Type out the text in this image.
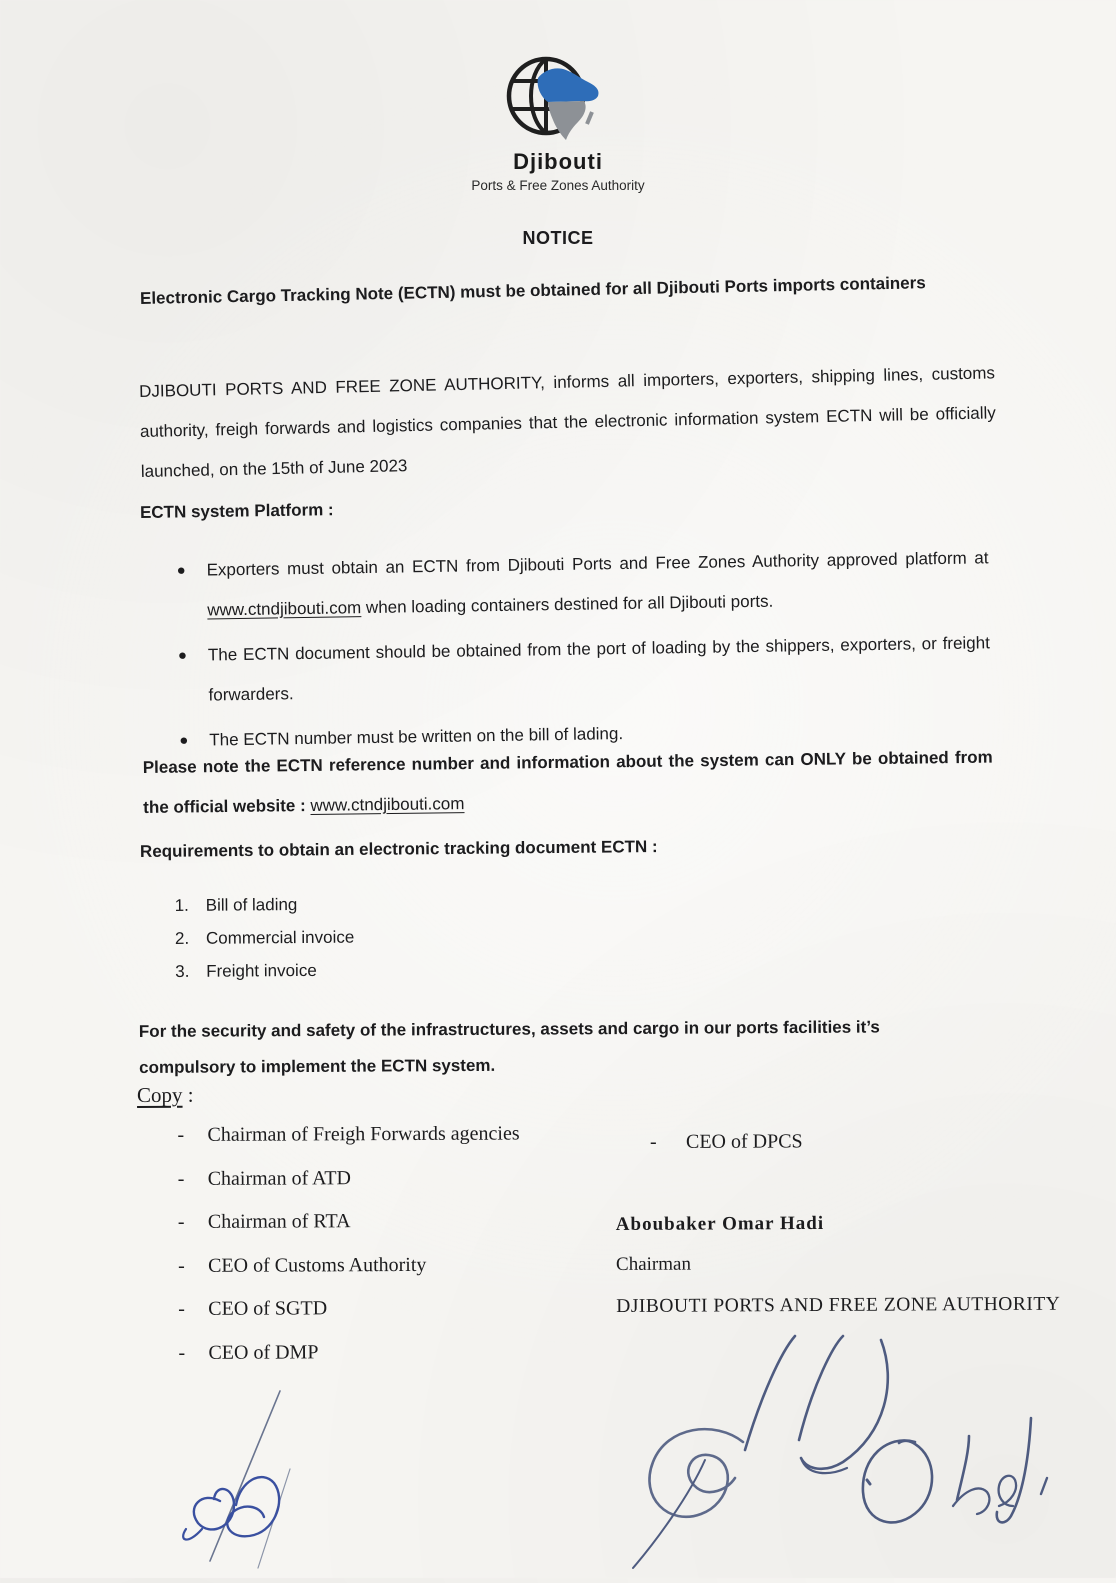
Djibouti
Ports & Free Zones Authority
NOTICE
Electronic Cargo Tracking Note (ECTN) must be obtained for all Djibouti Ports imports containers
DJIBOUTI PORTS AND FREE ZONE AUTHORITY, informs all importers, exporters, shipping lines, customs authority, freigh forwards and logistics companies that the electronic information system ECTN will be officially launched, on the 15th of June 2023
ECTN system Platform :
●	Exporters must obtain an ECTN from Djibouti Ports and Free Zones Authority approved platform at www.ctndjibouti.com when loading containers destined for all Djibouti ports.
●	The ECTN document should be obtained from the port of loading by the shippers, exporters, or freight forwarders.
●	The ECTN number must be written on the bill of lading.
Please note the ECTN reference number and information about the system can ONLY be obtained from the official website : www.ctndjibouti.com
Requirements to obtain an electronic tracking document ECTN :
1. Bill of lading
2. Commercial invoice
3. Freight invoice
For the security and safety of the infrastructures, assets and cargo in our ports facilities it’s compulsory to implement the ECTN system.
Copy :
-	Chairman of Freigh Forwards agencies
-	Chairman of ATD
-	Chairman of RTA
-	CEO of Customs Authority
-	CEO of SGTD
-	CEO of DMP
-	CEO of DPCS
Aboubaker Omar Hadi
Chairman
DJIBOUTI PORTS AND FREE ZONE AUTHORITY
